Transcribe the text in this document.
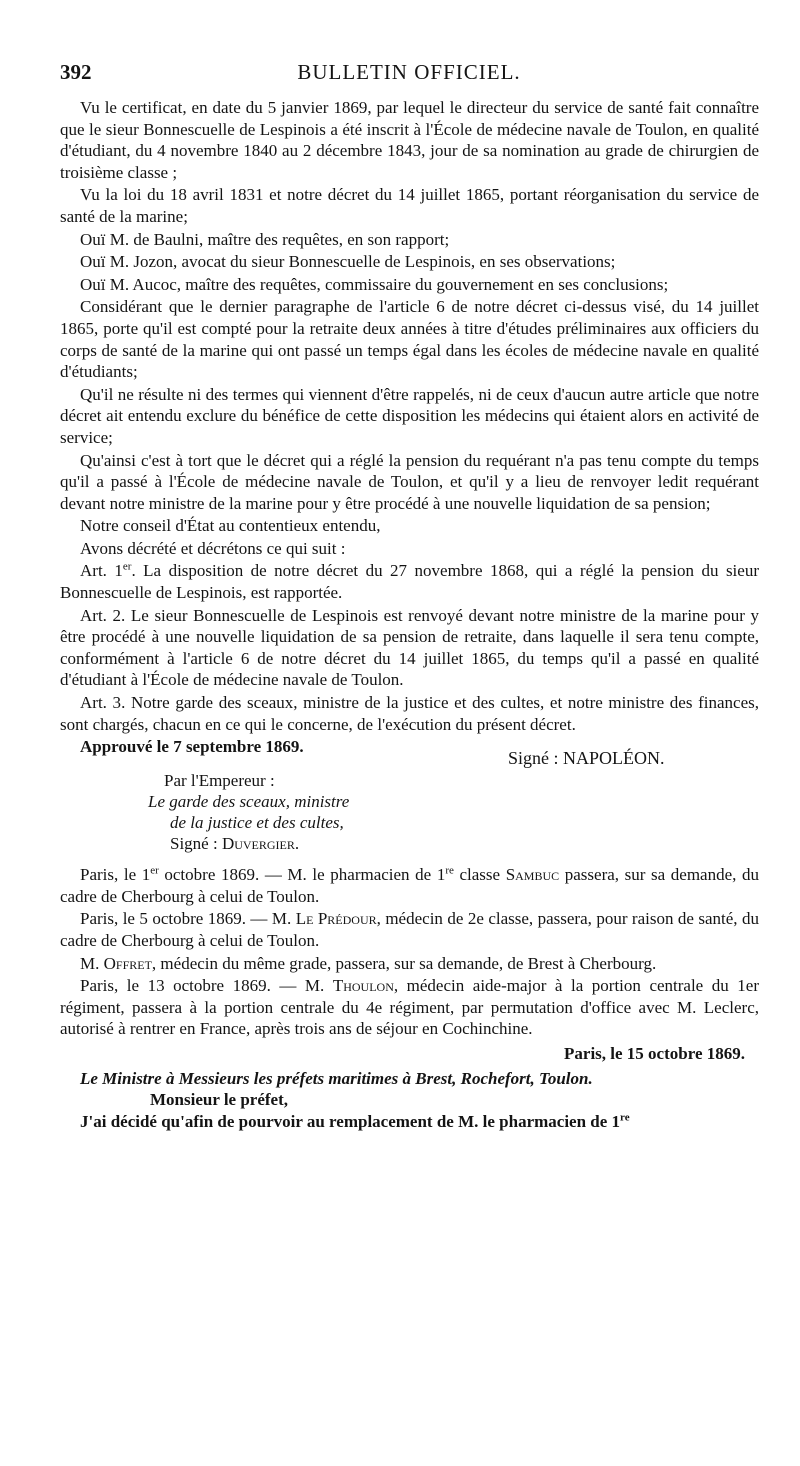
392	BULLETIN OFFICIEL.

Vu le certificat, en date du 5 janvier 1869, par lequel le directeur du service de santé fait connaître que le sieur Bonnescuelle de Lespinois a été inscrit à l'École de médecine navale de Toulon, en qualité d'étudiant, du 4 novembre 1840 au 2 décembre 1843, jour de sa nomination au grade de chirurgien de troisième classe ;

Vu la loi du 18 avril 1831 et notre décret du 14 juillet 1865, portant réorganisation du service de santé de la marine;

Ouï M. de Baulni, maître des requêtes, en son rapport;

Ouï M. Jozon, avocat du sieur Bonnescuelle de Lespinois, en ses observations;

Ouï M. Aucoc, maître des requêtes, commissaire du gouvernement en ses conclusions;

Considérant que le dernier paragraphe de l'article 6 de notre décret ci-dessus visé, du 14 juillet 1865, porte qu'il est compté pour la retraite deux années à titre d'études préliminaires aux officiers du corps de santé de la marine qui ont passé un temps égal dans les écoles de médecine navale en qualité d'étudiants;

Qu'il ne résulte ni des termes qui viennent d'être rappelés, ni de ceux d'aucun autre article que notre décret ait entendu exclure du bénéfice de cette disposition les médecins qui étaient alors en activité de service;

Qu'ainsi c'est à tort que le décret qui a réglé la pension du requérant n'a pas tenu compte du temps qu'il a passé à l'École de médecine navale de Toulon, et qu'il y a lieu de renvoyer ledit requérant devant notre ministre de la marine pour y être procédé à une nouvelle liquidation de sa pension;

Notre conseil d'État au contentieux entendu,

Avons décrété et décrétons ce qui suit :

Art. 1er. La disposition de notre décret du 27 novembre 1868, qui a réglé la pension du sieur Bonnescuelle de Lespinois, est rapportée.

Art. 2. Le sieur Bonnescuelle de Lespinois est renvoyé devant notre ministre de la marine pour y être procédé à une nouvelle liquidation de sa pension de retraite, dans laquelle il sera tenu compte, conformément à l'article 6 de notre décret du 14 juillet 1865, du temps qu'il a passé en qualité d'étudiant à l'École de médecine navale de Toulon.

Art. 3. Notre garde des sceaux, ministre de la justice et des cultes, et notre ministre des finances, sont chargés, chacun en ce qui le concerne, de l'exécution du présent décret.

Approuvé le 7 septembre 1869.
Signé : NAPOLÉON.
Par l'Empereur :
Le garde des sceaux, ministre
de la justice et des cultes,
Signé : Duvergier.

Paris, le 1er octobre 1869. — M. le pharmacien de 1re classe Sambuc passera, sur sa demande, du cadre de Cherbourg à celui de Toulon.

Paris, le 5 octobre 1869. — M. Le Prédour, médecin de 2e classe, passera, pour raison de santé, du cadre de Cherbourg à celui de Toulon.

M. Offret, médecin du même grade, passera, sur sa demande, de Brest à Cherbourg.

Paris, le 13 octobre 1869. — M. Thoulon, médecin aide-major à la portion centrale du 1er régiment, passera à la portion centrale du 4e régiment, par permutation d'office avec M. Leclerc, autorisé à rentrer en France, après trois ans de séjour en Cochinchine.

Paris, le 15 octobre 1869.
Le Ministre à Messieurs les préfets maritimes à Brest, Rochefort, Toulon.
Monsieur le préfet,

J'ai décidé qu'afin de pourvoir au remplacement de M. le pharmacien de 1re
